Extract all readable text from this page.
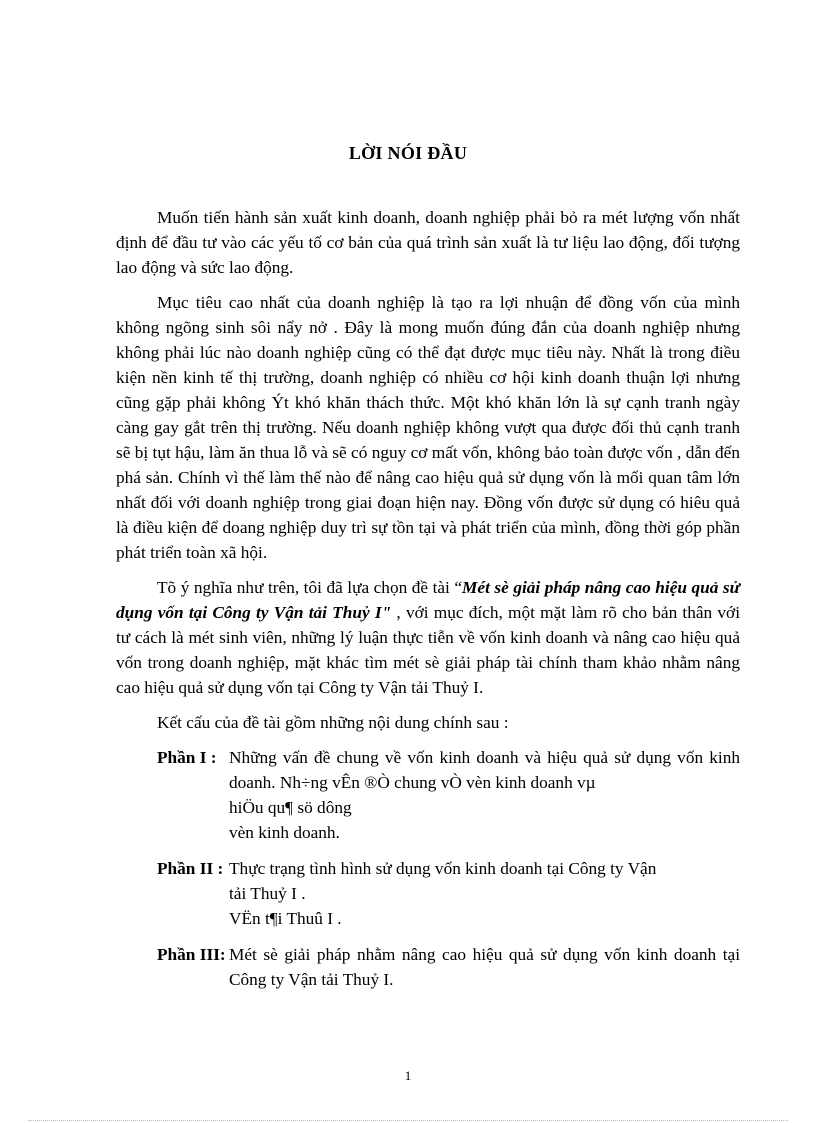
LỜI NÓI ĐẦU

Muốn tiến hành sản xuất kinh doanh, doanh nghiệp phải bỏ ra mét lượng vốn nhất định để đầu tư vào các yếu tố cơ bản của quá trình sản xuất là tư liệu lao động, đối tượng lao động và sức lao động.

Mục tiêu cao nhất của doanh nghiệp là tạo ra lợi nhuận để đồng vốn của mình không ngõng sinh sôi nẩy nở . Đây là mong muốn đúng đắn của doanh nghiệp nhưng không phải lúc nào doanh nghiệp cũng có thể đạt được mục tiêu này. Nhất là trong điều kiện nền kinh tế thị trường, doanh nghiệp có nhiều cơ hội kinh doanh thuận lợi nhưng cũng gặp phải không Ýt khó khăn thách thức. Một khó khăn lớn là sự cạnh tranh ngày càng gay gắt trên thị trường. Nếu doanh nghiệp không vượt qua được đối thủ cạnh tranh sẽ bị tụt hậu, làm ăn thua lỗ và sẽ có nguy cơ mất vốn, không bảo toàn được vốn , dẫn đến phá sản. Chính vì thế làm thế nào để nâng cao hiệu quả sử dụng vốn là mối quan tâm lớn nhất đối với doanh nghiệp trong giai đoạn hiện nay. Đồng vốn được sử dụng có hiêu quả là điều kiện để doang nghiệp duy trì sự tồn tại và phát triển của mình, đồng thời góp phần phát triển toàn xã hội.

Tõ ý nghĩa như trên, tôi đã lựa chọn đề tài “Mét sè giải pháp nâng cao hiệu quả sử dụng vốn tại Công ty Vận tải Thuỷ I" , với mục đích, một mặt làm rõ cho bản thân với tư cách là mét sinh viên, những lý luận thực tiễn về vốn kinh doanh và nâng cao hiệu quả vốn trong doanh nghiệp, mặt khác tìm mét sè giải pháp tài chính tham khảo nhằm nâng cao hiệu quả sử dụng vốn tại Công ty Vận tải Thuỷ I.

Kết cấu của đề tài gồm những nội dung chính sau :

Phần I : Những vấn đề chung về vốn kinh doanh và hiệu quả sử dụng vốn kinh doanh. Nh÷ng vÊn ®Ò chung vÒ vèn kinh doanh vµ
hiÖu qu¶ sö dông
vèn kinh doanh.
Phần II : Thực trạng tình hình sử dụng vốn kinh doanh tại Công ty Vận
tải Thuỷ I .
VËn t¶i Thuû I .
Phần III: Mét sè giải pháp nhằm nâng cao hiệu quả sử dụng vốn kinh doanh tại Công ty Vận tải Thuỷ I.
1
